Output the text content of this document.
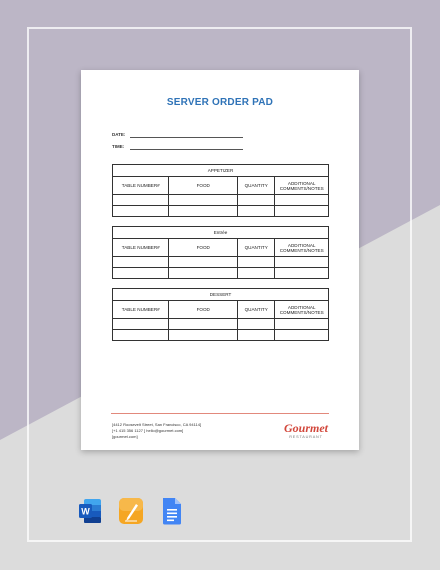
SERVER ORDER PAD
DATE:
TIME:
APPETIZER			
TABLE NUMBER#	FOOD	QUANTITY	ADDITIONAL COMMENTS/NOTES

Entrée			
TABLE NUMBER#	FOOD	QUANTITY	ADDITIONAL COMMENTS/NOTES

DESSERT			
TABLE NUMBER#	FOOD	QUANTITY	ADDITIONAL COMMENTS/NOTES

[4412 Roosevelt Street, San Francisco, CA 94114]
[+1 415 356 1127 ] hello@gourmet.com]
[gourmet.com]
Gourmet
RESTAURANT
W
